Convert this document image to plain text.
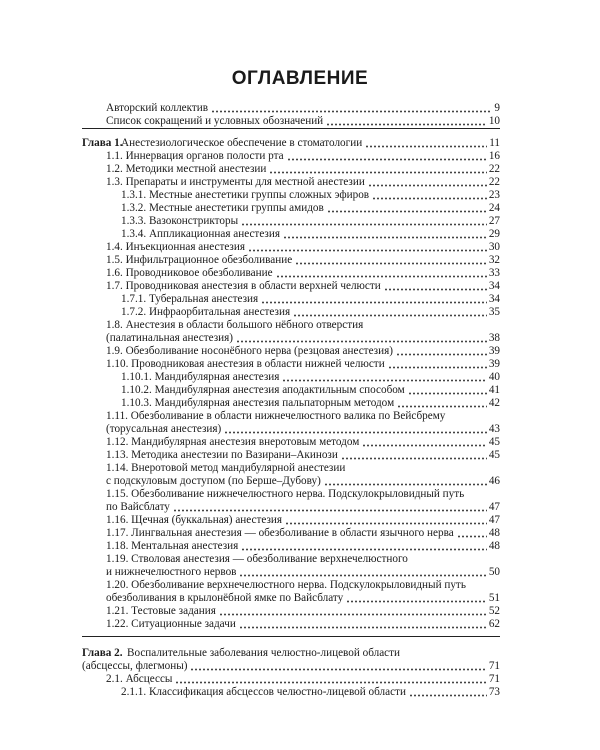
ОГЛАВЛЕНИЕ
Авторский коллектив	9
Список сокращений и условных обозначений	10
Глава 1.
Анестезиологическое обеспечение в стоматологии	11
1.1. Иннервация органов полости рта	16
1.2. Методики местной анестезии	22
1.3. Препараты и инструменты для местной анестезии	22
1.3.1. Местные анестетики группы сложных эфиров	23
1.3.2. Местные анестетики группы амидов	24
1.3.3. Вазоконстрикторы	27
1.3.4. Аппликационная анестезия	29
1.4. Инъекционная анестезия	30
1.5. Инфильтрационное обезболивание	32
1.6. Проводниковое обезболивание	33
1.7. Проводниковая анестезия в области верхней челюсти	34
1.7.1. Туберальная анестезия	34
1.7.2. Инфраорбитальная анестезия	35
1.8. Анестезия в области большого нёбного отверстия
(палатинальная анестезия)	38
1.9. Обезболивание носонёбного нерва (резцовая анестезия)	39
1.10. Проводниковая анестезия в области нижней челюсти	39
1.10.1. Мандибулярная анестезия	40
1.10.2. Мандибулярная анестезия аподактильным способом	41
1.10.3. Мандибулярная анестезия пальпаторным методом	42
1.11. Обезболивание в области нижнечелюстного валика по Вейсбрему
(торусальная анестезия)	43
1.12. Мандибулярная анестезия внеротовым методом	45
1.13. Методика анестезии по Вазирани–Акинози	45
1.14. Внеротовой метод мандибулярной анестезии
с подскуловым доступом (по Берше–Дубову)	46
1.15. Обезболивание нижнечелюстного нерва. Подскулокрыловидный путь
по Вайсблату	47
1.16. Щечная (буккальная) анестезия	47
1.17. Лингвальная анестезия — обезболивание в области язычного нерва	48
1.18. Ментальная анестезия	48
1.19. Стволовая анестезия — обезболивание верхнечелюстного
и нижнечелюстного нервов	50
1.20. Обезболивание верхнечелюстного нерва. Подскулокрыловидный путь
обезболивания в крылонёбной ямке по Вайсблату	51
1.21. Тестовые задания	52
1.22. Ситуационные задачи	62
Глава 2. Воспалительные заболевания челюстно-лицевой области
(абсцессы, флегмоны)	71
2.1. Абсцессы	71
2.1.1. Классификация абсцессов челюстно-лицевой области	73
